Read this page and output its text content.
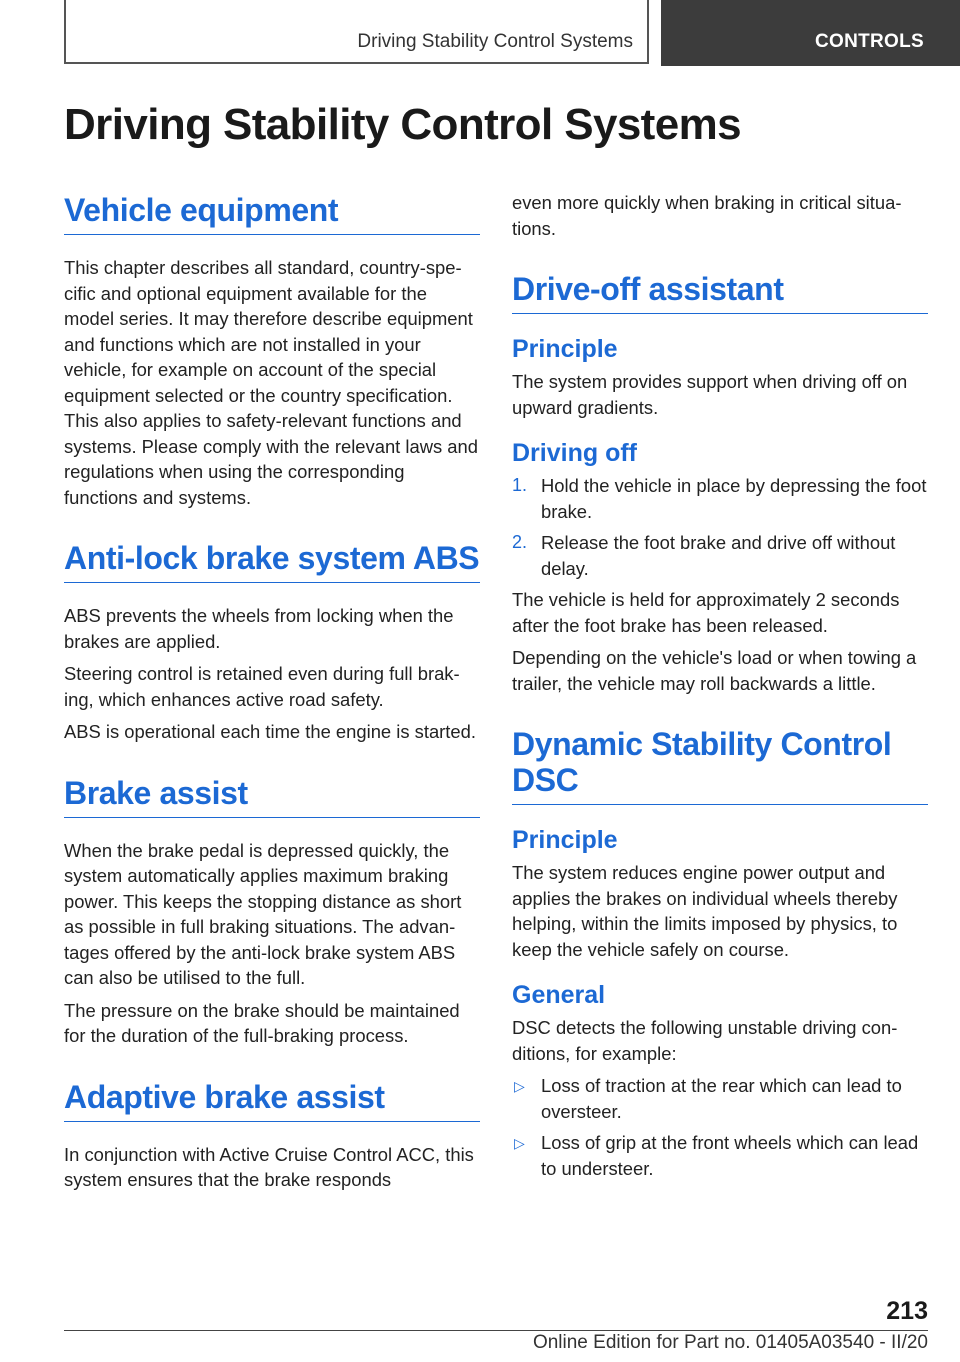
Driving Stability Control Systems	CONTROLS
Driving Stability Control Systems
Vehicle equipment

This chapter describes all standard, country-specific and optional equipment available for the model series. It may therefore describe equipment and functions which are not installed in your vehicle, for example on account of the special equipment selected or the country specification. This also applies to safety-relevant functions and systems. Please comply with the relevant laws and regulations when using the corresponding functions and systems.

Anti-lock brake system ABS

ABS prevents the wheels from locking when the brakes are applied.

Steering control is retained even during full braking, which enhances active road safety.

ABS is operational each time the engine is started.

Brake assist

When the brake pedal is depressed quickly, the system automatically applies maximum braking power. This keeps the stopping distance as short as possible in full braking situations. The advantages offered by the anti-lock brake system ABS can also be utilised to the full.

The pressure on the brake should be maintained for the duration of the full-braking process.

Adaptive brake assist

In conjunction with Active Cruise Control ACC, this system ensures that the brake responds

even more quickly when braking in critical situations.

Drive-off assistant
Principle

The system provides support when driving off on upward gradients.

Driving off
1. Hold the vehicle in place by depressing the foot brake.
2. Release the foot brake and drive off without delay.

The vehicle is held for approximately 2 seconds after the foot brake has been released.

Depending on the vehicle's load or when towing a trailer, the vehicle may roll backwards a little.

Dynamic Stability Control DSC
Principle

The system reduces engine power output and applies the brakes on individual wheels thereby helping, within the limits imposed by physics, to keep the vehicle safely on course.

General

DSC detects the following unstable driving conditions, for example:

▷ Loss of traction at the rear which can lead to oversteer.
▷ Loss of grip at the front wheels which can lead to understeer.
213
Online Edition for Part no. 01405A03540 - II/20
